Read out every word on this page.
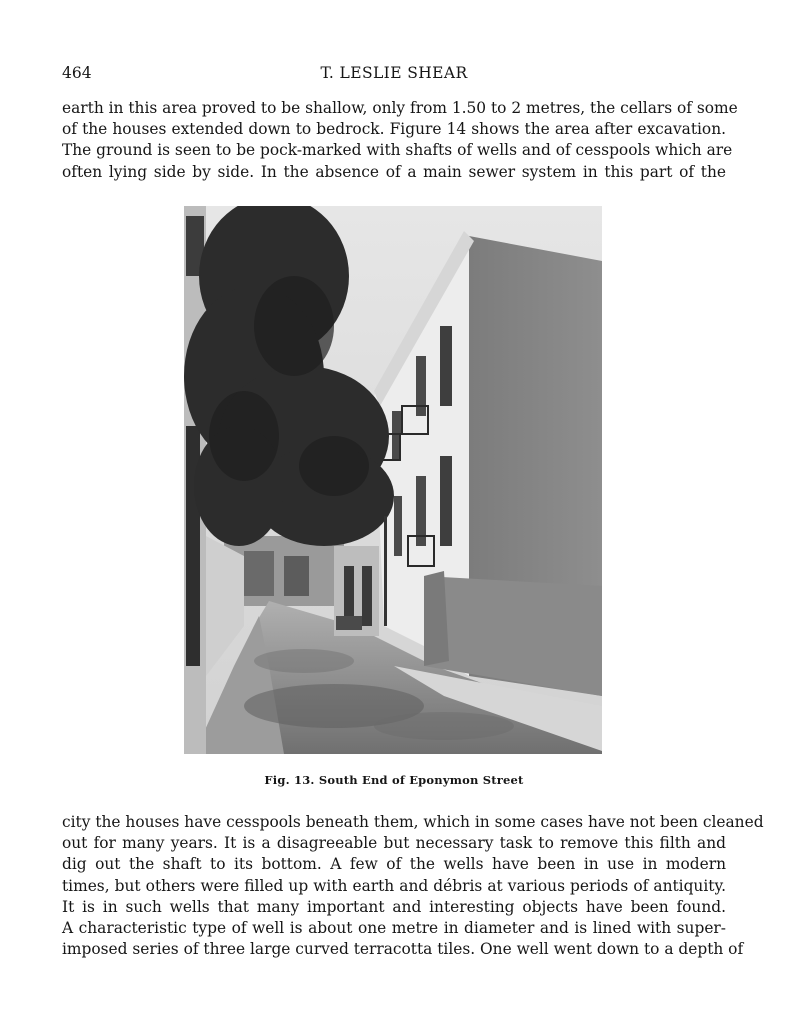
464	T. LESLIE SHEAR
earth in this area proved to be shallow, only from 1.50 to 2 metres, the cellars of some
of the houses extended down to bedrock. Figure 14 shows the area after excavation.
The ground is seen to be pock-marked with shafts of wells and of cesspools which are
often lying side by side. In the absence of a main sewer system in this part of the
Fig. 13. South End of Eponymon Street
city the houses have cesspools beneath them, which in some cases have not been cleaned
out for many years. It is a disagreeable but necessary task to remove this filth and
dig out the shaft to its bottom. A few of the wells have been in use in modern
times, but others were filled up with earth and débris at various periods of antiquity.
It is in such wells that many important and interesting objects have been found.
A characteristic type of well is about one metre in diameter and is lined with super-
imposed series of three large curved terracotta tiles. One well went down to a depth of
